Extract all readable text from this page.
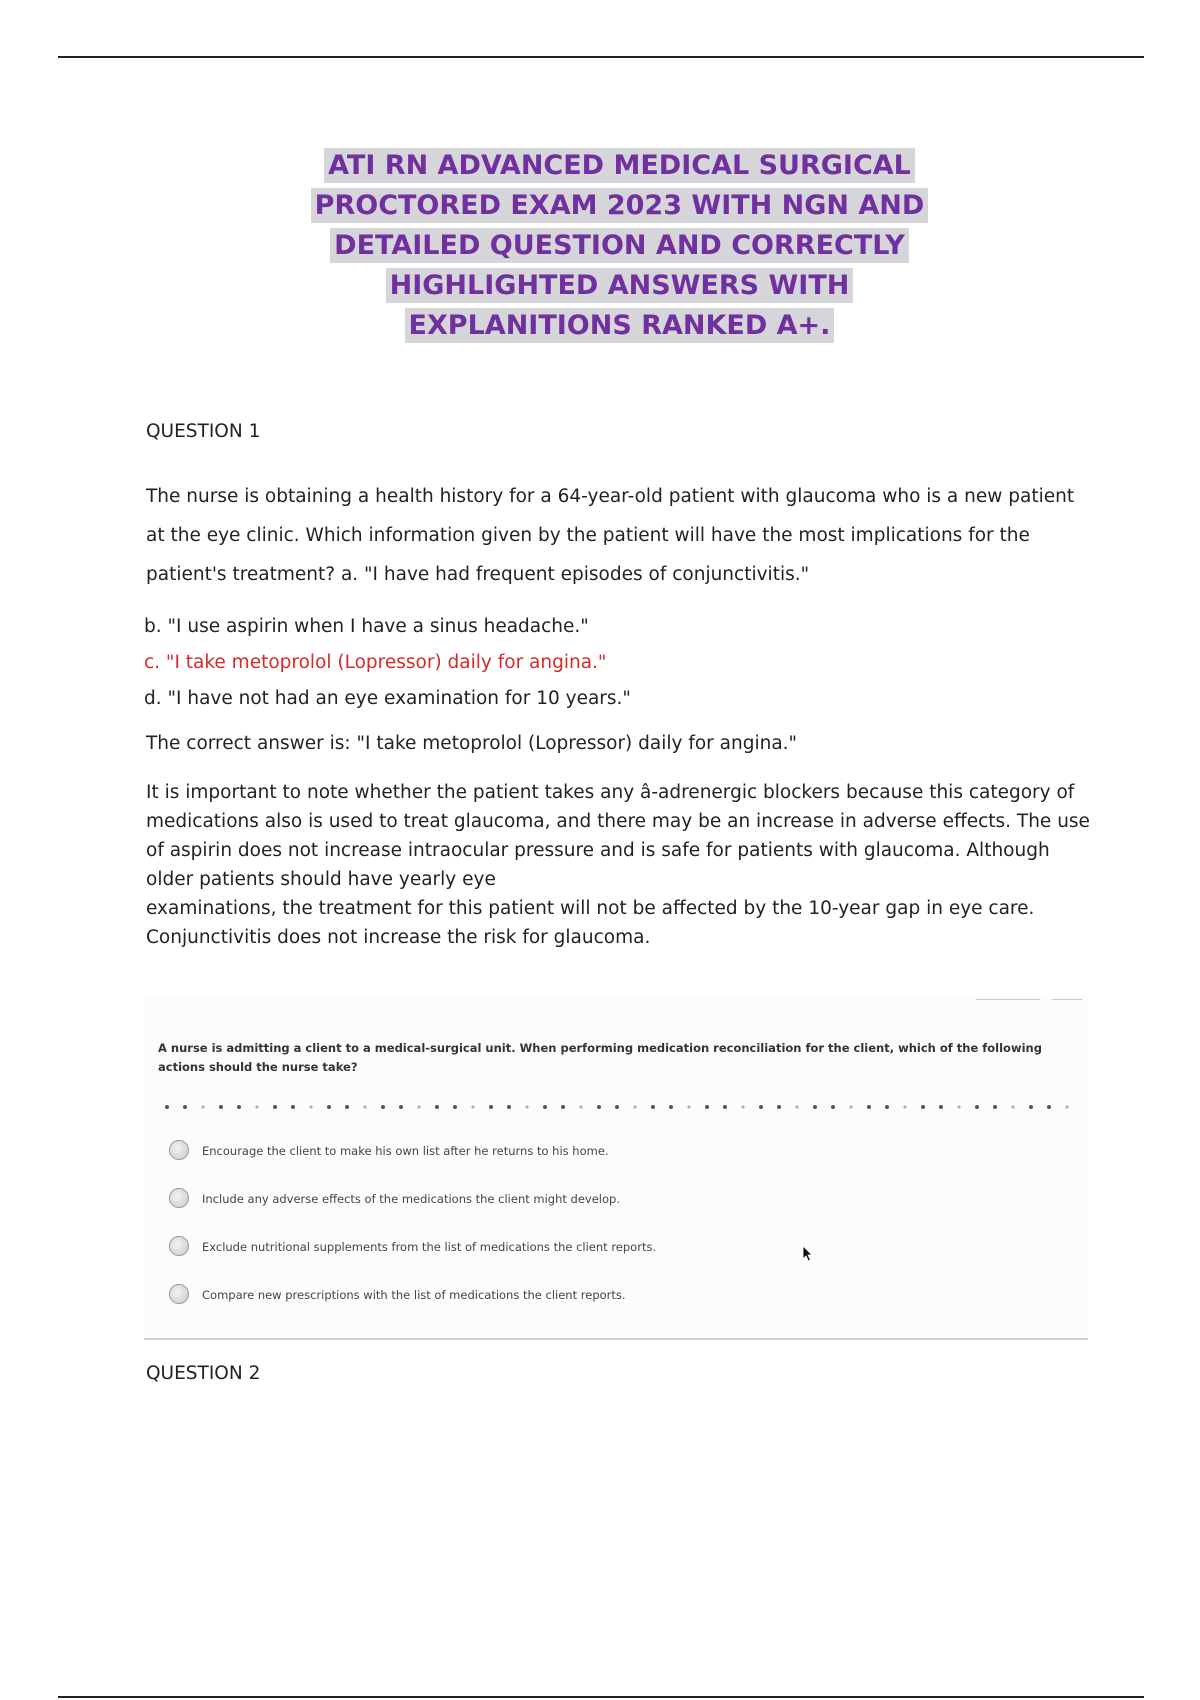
ATI RN ADVANCED MEDICAL SURGICAL
PROCTORED EXAM 2023 WITH NGN AND
DETAILED QUESTION AND CORRECTLY
HIGHLIGHTED ANSWERS WITH
EXPLANITIONS RANKED A+.
QUESTION 1
The nurse is obtaining a health history for a 64-year-old patient with glaucoma who is a new patient at the eye clinic. Which information given by the patient will have the most implications for the patient's treatment? a. "I have had frequent episodes of conjunctivitis."
b. "I use aspirin when I have a sinus headache."
c. "I take metoprolol (Lopressor) daily for angina."
d. "I have not had an eye examination for 10 years."
The correct answer is: "I take metoprolol (Lopressor) daily for angina."
It is important to note whether the patient takes any â-adrenergic blockers because this category of medications also is used to treat glaucoma, and there may be an increase in adverse effects. The use of aspirin does not increase intraocular pressure and is safe for patients with glaucoma. Although older patients should have yearly eye
examinations, the treatment for this patient will not be affected by the 10-year gap in eye care. Conjunctivitis does not increase the risk for glaucoma.
A nurse is admitting a client to a medical-surgical unit. When performing medication reconciliation for the client, which of the following actions should the nurse take?
Encourage the client to make his own list after he returns to his home.
Include any adverse effects of the medications the client might develop.
Exclude nutritional supplements from the list of medications the client reports.
Compare new prescriptions with the list of medications the client reports.
QUESTION 2
